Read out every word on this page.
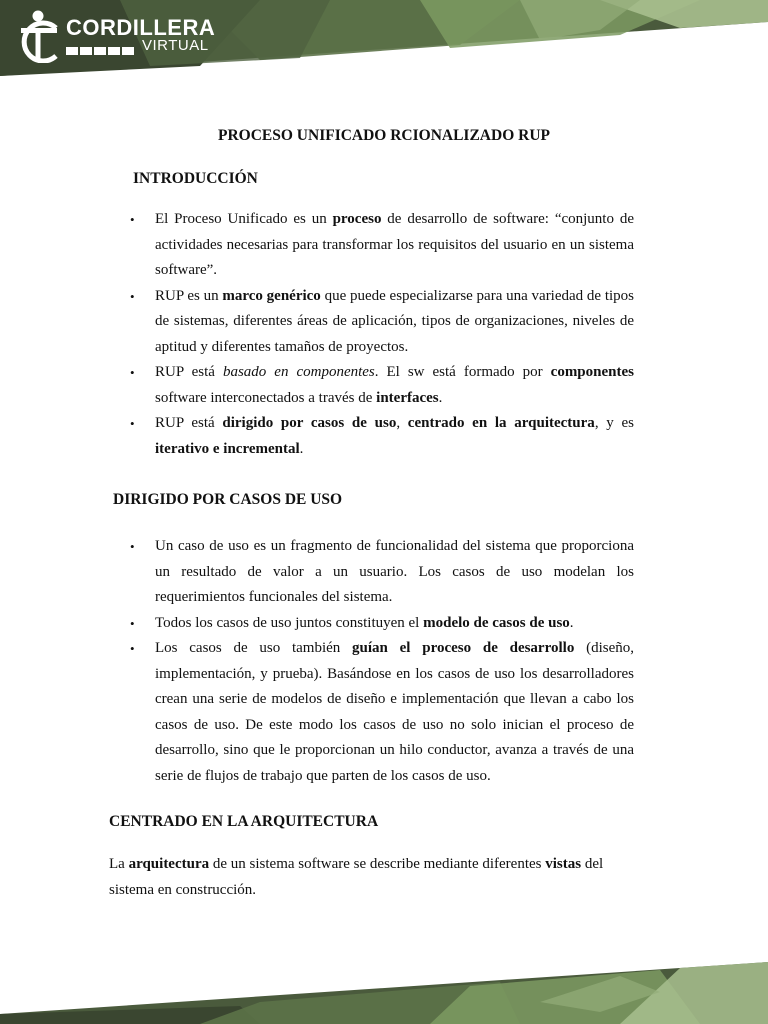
CORDILLERA
VIRTUAL
PROCESO UNIFICADO RCIONALIZADO RUP
INTRODUCCIÓN
• El Proceso Unificado es un proceso de desarrollo de software: “conjunto de actividades necesarias para transformar los requisitos del usuario en un sistema software”.
• RUP es un marco genérico que puede especializarse para una variedad de tipos de sistemas, diferentes áreas de aplicación, tipos de organizaciones, niveles de aptitud y diferentes tamaños de proyectos.
• RUP está basado en componentes. El sw está formado por componentes software interconectados a través de interfaces.
• RUP está dirigido por casos de uso, centrado en la arquitectura, y es iterativo e incremental.
DIRIGIDO POR CASOS DE USO
• Un caso de uso es un fragmento de funcionalidad del sistema que proporciona un resultado de valor a un usuario. Los casos de uso modelan los requerimientos funcionales del sistema.
• Todos los casos de uso juntos constituyen el modelo de casos de uso.
• Los casos de uso también guían el proceso de desarrollo (diseño, implementación, y prueba). Basándose en los casos de uso los desarrolladores crean una serie de modelos de diseño e implementación que llevan a cabo los casos de uso. De este modo los casos de uso no solo inician el proceso de desarrollo, sino que le proporcionan un hilo conductor, avanza a través de una serie de flujos de trabajo que parten de los casos de uso.
CENTRADO EN LA ARQUITECTURA

La arquitectura de un sistema software se describe mediante diferentes vistas del sistema en construcción.
